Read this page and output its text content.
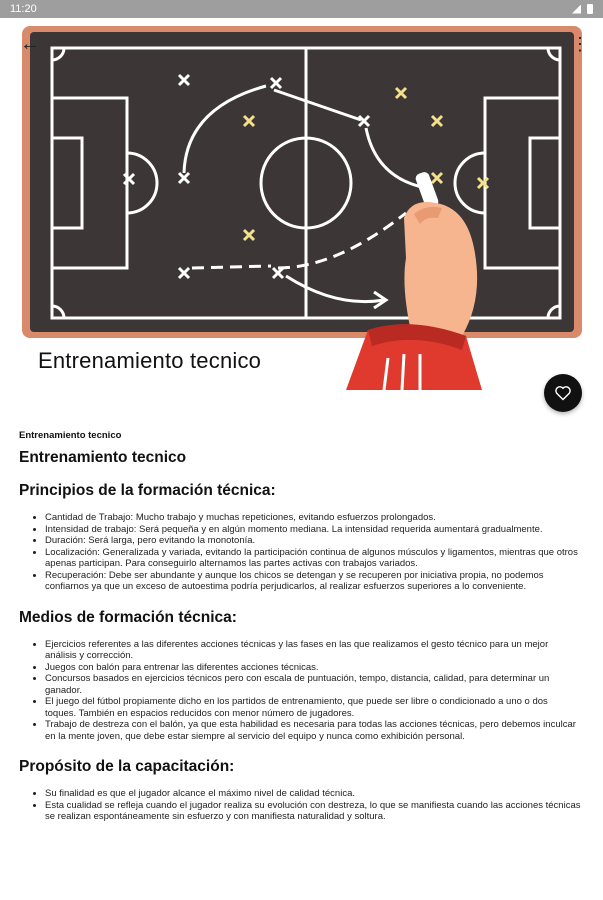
11:20
←	⋮
Entrenamiento tecnico
Entrenamiento tecnico
Entrenamiento tecnico
Principios de la formación técnica:
• Cantidad de Trabajo: Mucho trabajo y muchas repeticiones, evitando esfuerzos prolongados.
• Intensidad de trabajo: Será pequeña y en algún momento mediana. La intensidad requerida aumentará gradualmente.
• Duración: Será larga, pero evitando la monotonía.
• Localización: Generalizada y variada, evitando la participación continua de algunos músculos y ligamentos, mientras que otros apenas participan. Para conseguirlo alternamos las partes activas con trabajos variados.
• Recuperación: Debe ser abundante y aunque los chicos se detengan y se recuperen por iniciativa propia, no podemos confiarnos ya que un exceso de autoestima podría perjudicarlos, al realizar esfuerzos superiores a lo conveniente.
Medios de formación técnica:
• Ejercicios referentes a las diferentes acciones técnicas y las fases en las que realizamos el gesto técnico para un mejor análisis y corrección.
• Juegos con balón para entrenar las diferentes acciones técnicas.
• Concursos basados en ejercicios técnicos pero con escala de puntuación, tempo, distancia, calidad, para determinar un ganador.
• El juego del fútbol propiamente dicho en los partidos de entrenamiento, que puede ser libre o condicionado a uno o dos toques. También en espacios reducidos con menor número de jugadores.
• Trabajo de destreza con el balón, ya que esta habilidad es necesaria para todas las acciones técnicas, pero debemos inculcar en la mente joven, que debe estar siempre al servicio del equipo y nunca como exhibición personal.
Propósito de la capacitación:
• Su finalidad es que el jugador alcance el máximo nivel de calidad técnica.
• Esta cualidad se refleja cuando el jugador realiza su evolución con destreza, lo que se manifiesta cuando las acciones técnicas se realizan espontáneamente sin esfuerzo y con manifiesta naturalidad y soltura.
